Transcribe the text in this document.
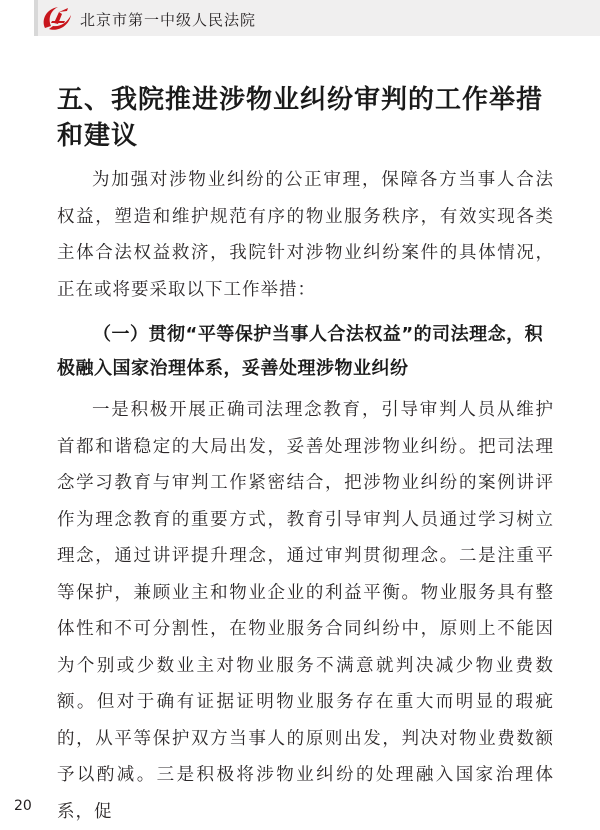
北京市第一中级人民法院
五、我院推进涉物业纠纷审判的工作举措和建议

为加强对涉物业纠纷的公正审理，保障各方当事人合法权益，塑造和维护规范有序的物业服务秩序，有效实现各类主体合法权益救济，我院针对涉物业纠纷案件的具体情况，正在或将要采取以下工作举措：

（一）贯彻“平等保护当事人合法权益”的司法理念，积极融入国家治理体系，妥善处理涉物业纠纷

一是积极开展正确司法理念教育，引导审判人员从维护首都和谐稳定的大局出发，妥善处理涉物业纠纷。把司法理念学习教育与审判工作紧密结合，把涉物业纠纷的案例讲评作为理念教育的重要方式，教育引导审判人员通过学习树立理念，通过讲评提升理念，通过审判贯彻理念。二是注重平等保护，兼顾业主和物业企业的利益平衡。物业服务具有整体性和不可分割性，在物业服务合同纠纷中，原则上不能因为个别或少数业主对物业服务不满意就判决减少物业费数额。但对于确有证据证明物业服务存在重大而明显的瑕疵的，从平等保护双方当事人的原则出发，判决对物业费数额予以酌减。三是积极将涉物业纠纷的处理融入国家治理体系，促

20
